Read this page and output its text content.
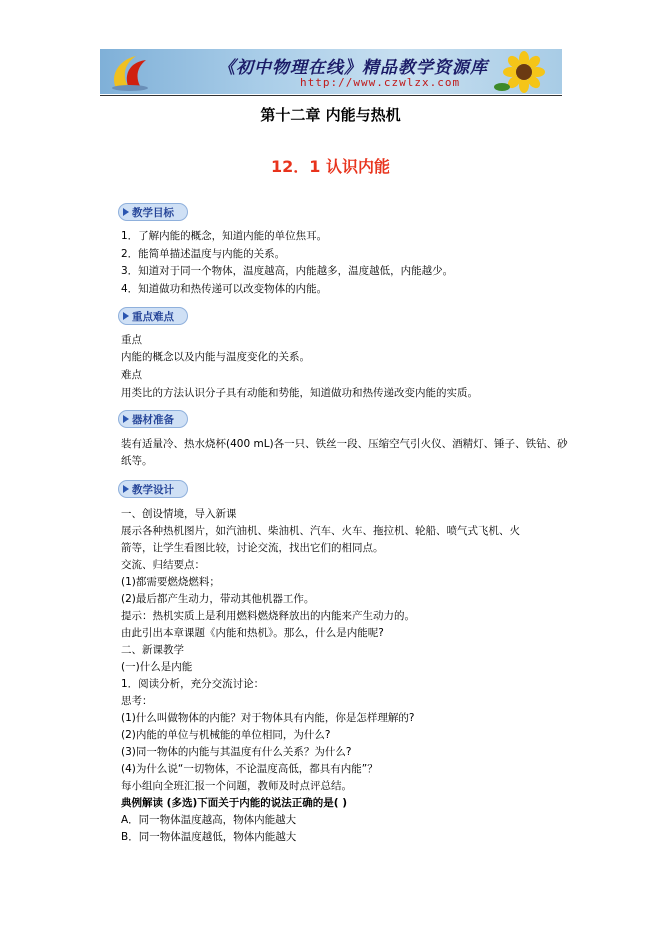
《初中物理在线》精品教学资源库
http://www.czwlzx.com
第十二章 内能与热机
12．1 认识内能
教学目标
1．了解内能的概念，知道内能的单位焦耳。
2．能简单描述温度与内能的关系。
3．知道对于同一个物体，温度越高，内能越多，温度越低，内能越少。
4．知道做功和热传递可以改变物体的内能。
重点难点
重点
内能的概念以及内能与温度变化的关系。
难点
用类比的方法认识分子具有动能和势能，知道做功和热传递改变内能的实质。
器材准备
装有适量冷、热水烧杯(400 mL)各一只、铁丝一段、压缩空气引火仪、酒精灯、锤子、铁钻、砂纸等。
教学设计
一、创设情境，导入新课
展示各种热机图片，如汽油机、柴油机、汽车、火车、拖拉机、轮船、喷气式飞机、火
箭等，让学生看图比较，讨论交流，找出它们的相同点。
交流、归结要点：
(1)都需要燃烧燃料；
(2)最后都产生动力，带动其他机器工作。
提示：热机实质上是利用燃料燃烧释放出的内能来产生动力的。
由此引出本章课题《内能和热机》。那么，什么是内能呢?
二、新课教学
(一)什么是内能
1．阅读分析，充分交流讨论：
思考：
(1)什么叫做物体的内能？对于物体具有内能，你是怎样理解的?
(2)内能的单位与机械能的单位相同，为什么?
(3)同一物体的内能与其温度有什么关系？为什么?
(4)为什么说“一切物体，不论温度高低，都具有内能”？
每小组向全班汇报一个问题，教师及时点评总结。
典例解读 (多选)下面关于内能的说法正确的是( )
A．同一物体温度越高，物体内能越大
B．同一物体温度越低，物体内能越大
